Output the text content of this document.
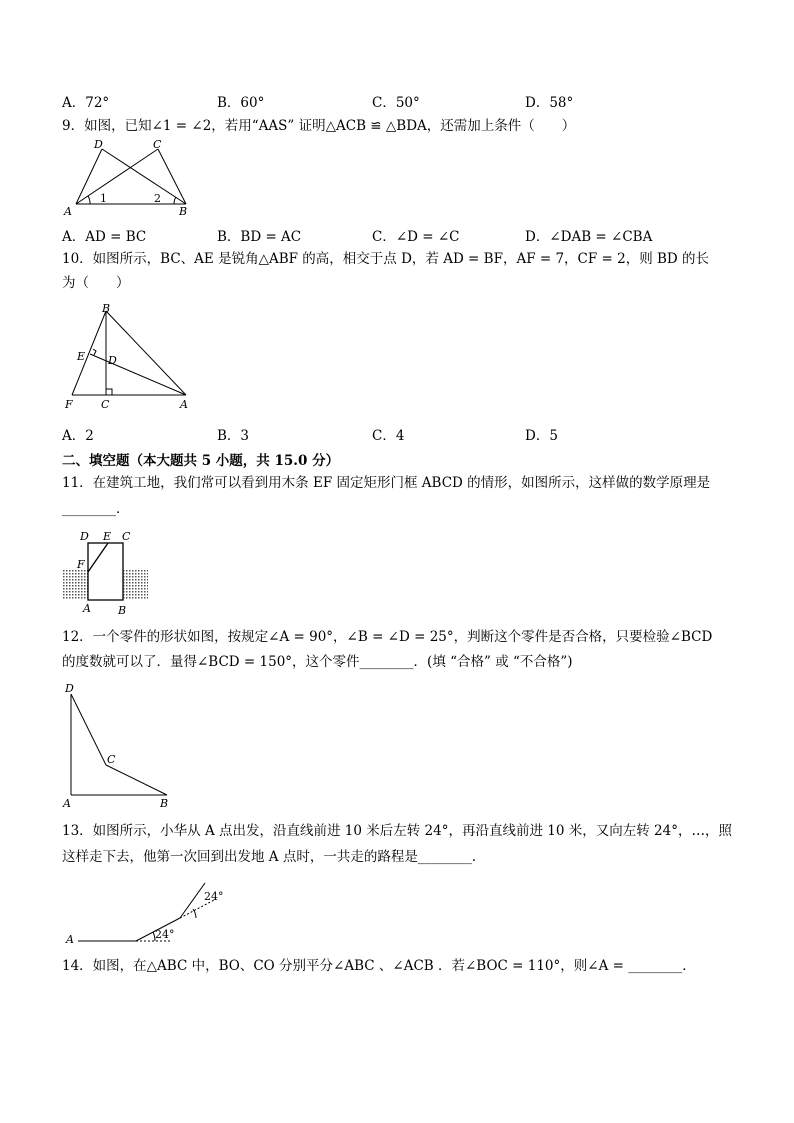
A．72°	B．60°	C．50°	D．58°
9．如图，已知∠1 = ∠2，若用“AAS” 证明△ACB ≌ △BDA，还需加上条件（　　）
D	C
A	B
1	2
A．AD = BC	B．BD = AC	C．∠D = ∠C	D．∠DAB = ∠CBA
10．如图所示，BC、AE 是锐角△ABF 的高，相交于点 D，若 AD = BF，AF = 7，CF = 2，则 BD 的长
为（　　）
B
E D
F	C	A
A．2	B．3	C．4	D．5
二、填空题（本大题共 5 小题，共 15.0 分）
11．在建筑工地，我们常可以看到用木条 EF 固定矩形门框 ABCD 的情形，如图所示，这样做的数学原理是
________．
D E C
F
A B
12．一个零件的形状如图，按规定∠A = 90°，∠B = ∠D = 25°，判断这个零件是否合格，只要检验∠BCD
的度数就可以了．量得∠BCD = 150°，这个零件________．(填 “合格” 或 “不合格”)
D
C
A	B
13．如图所示，小华从 A 点出发，沿直线前进 10 米后左转 24°，再沿直线前进 10 米，又向左转 24°，…，照
这样走下去，他第一次回到出发地 A 点时，一共走的路程是________．
A	24°
24°
14．如图，在△ABC 中，BO、CO 分别平分∠ABC 、∠ACB ．若∠BOC = 110°，则∠A = ________．
